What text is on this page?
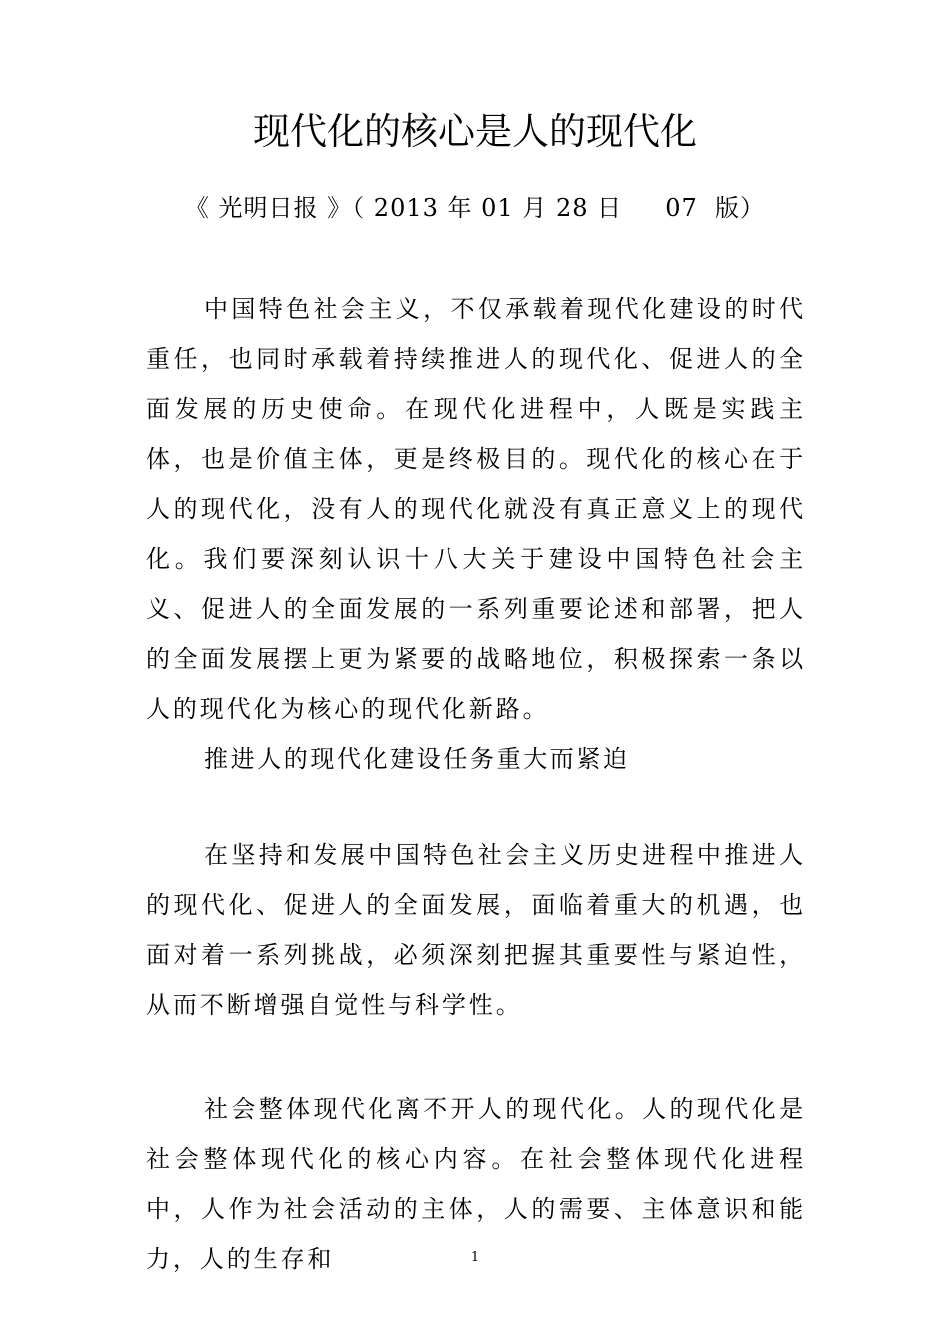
现代化的核心是人的现代化
《 光明日报 》（ 2013 年 01 月 28 日     07  版）

中国特色社会主义，不仅承载着现代化建设的时代重任，也同时承载着持续推进人的现代化、促进人的全面发展的历史使命。在现代化进程中，人既是实践主体，也是价值主体，更是终极目的。现代化的核心在于人的现代化，没有人的现代化就没有真正意义上的现代化。我们要深刻认识十八大关于建设中国特色社会主义、促进人的全面发展的一系列重要论述和部署，把人的全面发展摆上更为紧要的战略地位，积极探索一条以人的现代化为核心的现代化新路。

推进人的现代化建设任务重大而紧迫

在坚持和发展中国特色社会主义历史进程中推进人的现代化、促进人的全面发展，面临着重大的机遇，也面对着一系列挑战，必须深刻把握其重要性与紧迫性，从而不断增强自觉性与科学性。

社会整体现代化离不开人的现代化。人的现代化是社会整体现代化的核心内容。在社会整体现代化进程中，人作为社会活动的主体，人的需要、主体意识和能力，人的生存和	1
